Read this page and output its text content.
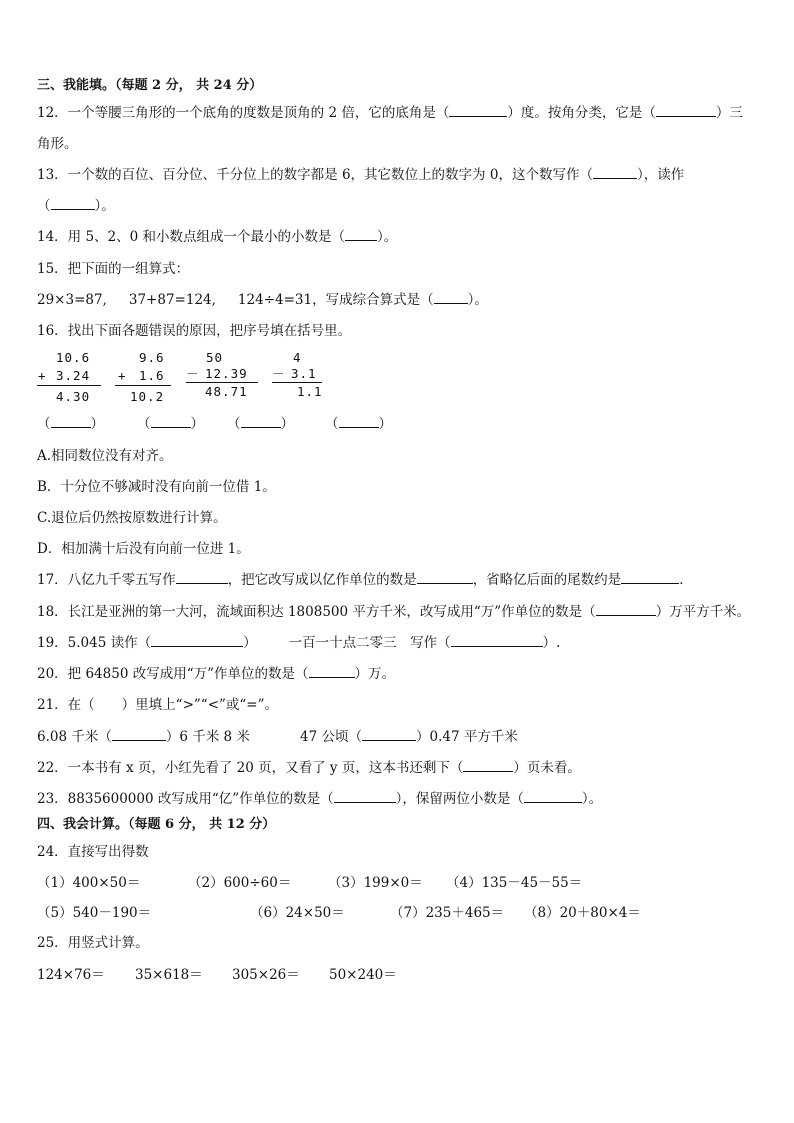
三、我能填。（每题 2 分， 共 24 分）
12．一个等腰三角形的一个底角的度数是顶角的 2 倍，它的底角是（	）度。按角分类，它是（	）三
角形。
13．一个数的百位、百分位、千分位上的数字都是 6，其它数位上的数字为 0，这个数写作（	），读作
（	）。
14．用 5、2、0 和小数点组成一个最小的小数是（ ）。
15．把下面的一组算式：
29×3=87, 37+87=124, 124÷4=31，写成综合算式是（	）。
16．找出下面各题错误的原因，把序号填在括号里。
10.6
+ 3.24
4.30
9.6
+ 1.6
10.2
50
－ 12.39
48.71
4
－ 3.1
1.1
（	） （	） （	） （	）
A.相同数位没有对齐。
B．十分位不够减时没有向前一位借 1。
C.退位后仍然按原数进行计算。
D．相加满十后没有向前一位进 1。
17．八亿九千零五写作	，把它改写成以亿作单位的数是	，省略亿后面的尾数约是	.
18．长江是亚洲的第一大河，流域面积达 1808500 平方千米，改写成用“万”作单位的数是（	）万平方千米。
19．5.045 读作（	） 一百一十点二零三　写作（	）.
20．把 64850 改写成用“万”作单位的数是（	）万。
21．在（　　）里填上“>”“<”或“=”。
6.08 千米（	）6 千米 8 米	47 公顷（	）0.47 平方千米
22．一本书有 x 页，小红先看了 20 页，又看了 y 页，这本书还剩下（	）页未看。
23．8835600000 改写成用“亿”作单位的数是（	），保留两位小数是（	）。
四、我会计算。（每题 6 分， 共 12 分）
24．直接写出得数
（1）400×50＝	（2）600÷60＝	（3）199×0＝ （4）135－45－55＝
（5）540－190＝	（6）24×50＝	（7）235＋465＝ （8）20＋80×4＝
25．用竖式计算。
124×76＝ 35×618＝ 305×26＝ 50×240＝
